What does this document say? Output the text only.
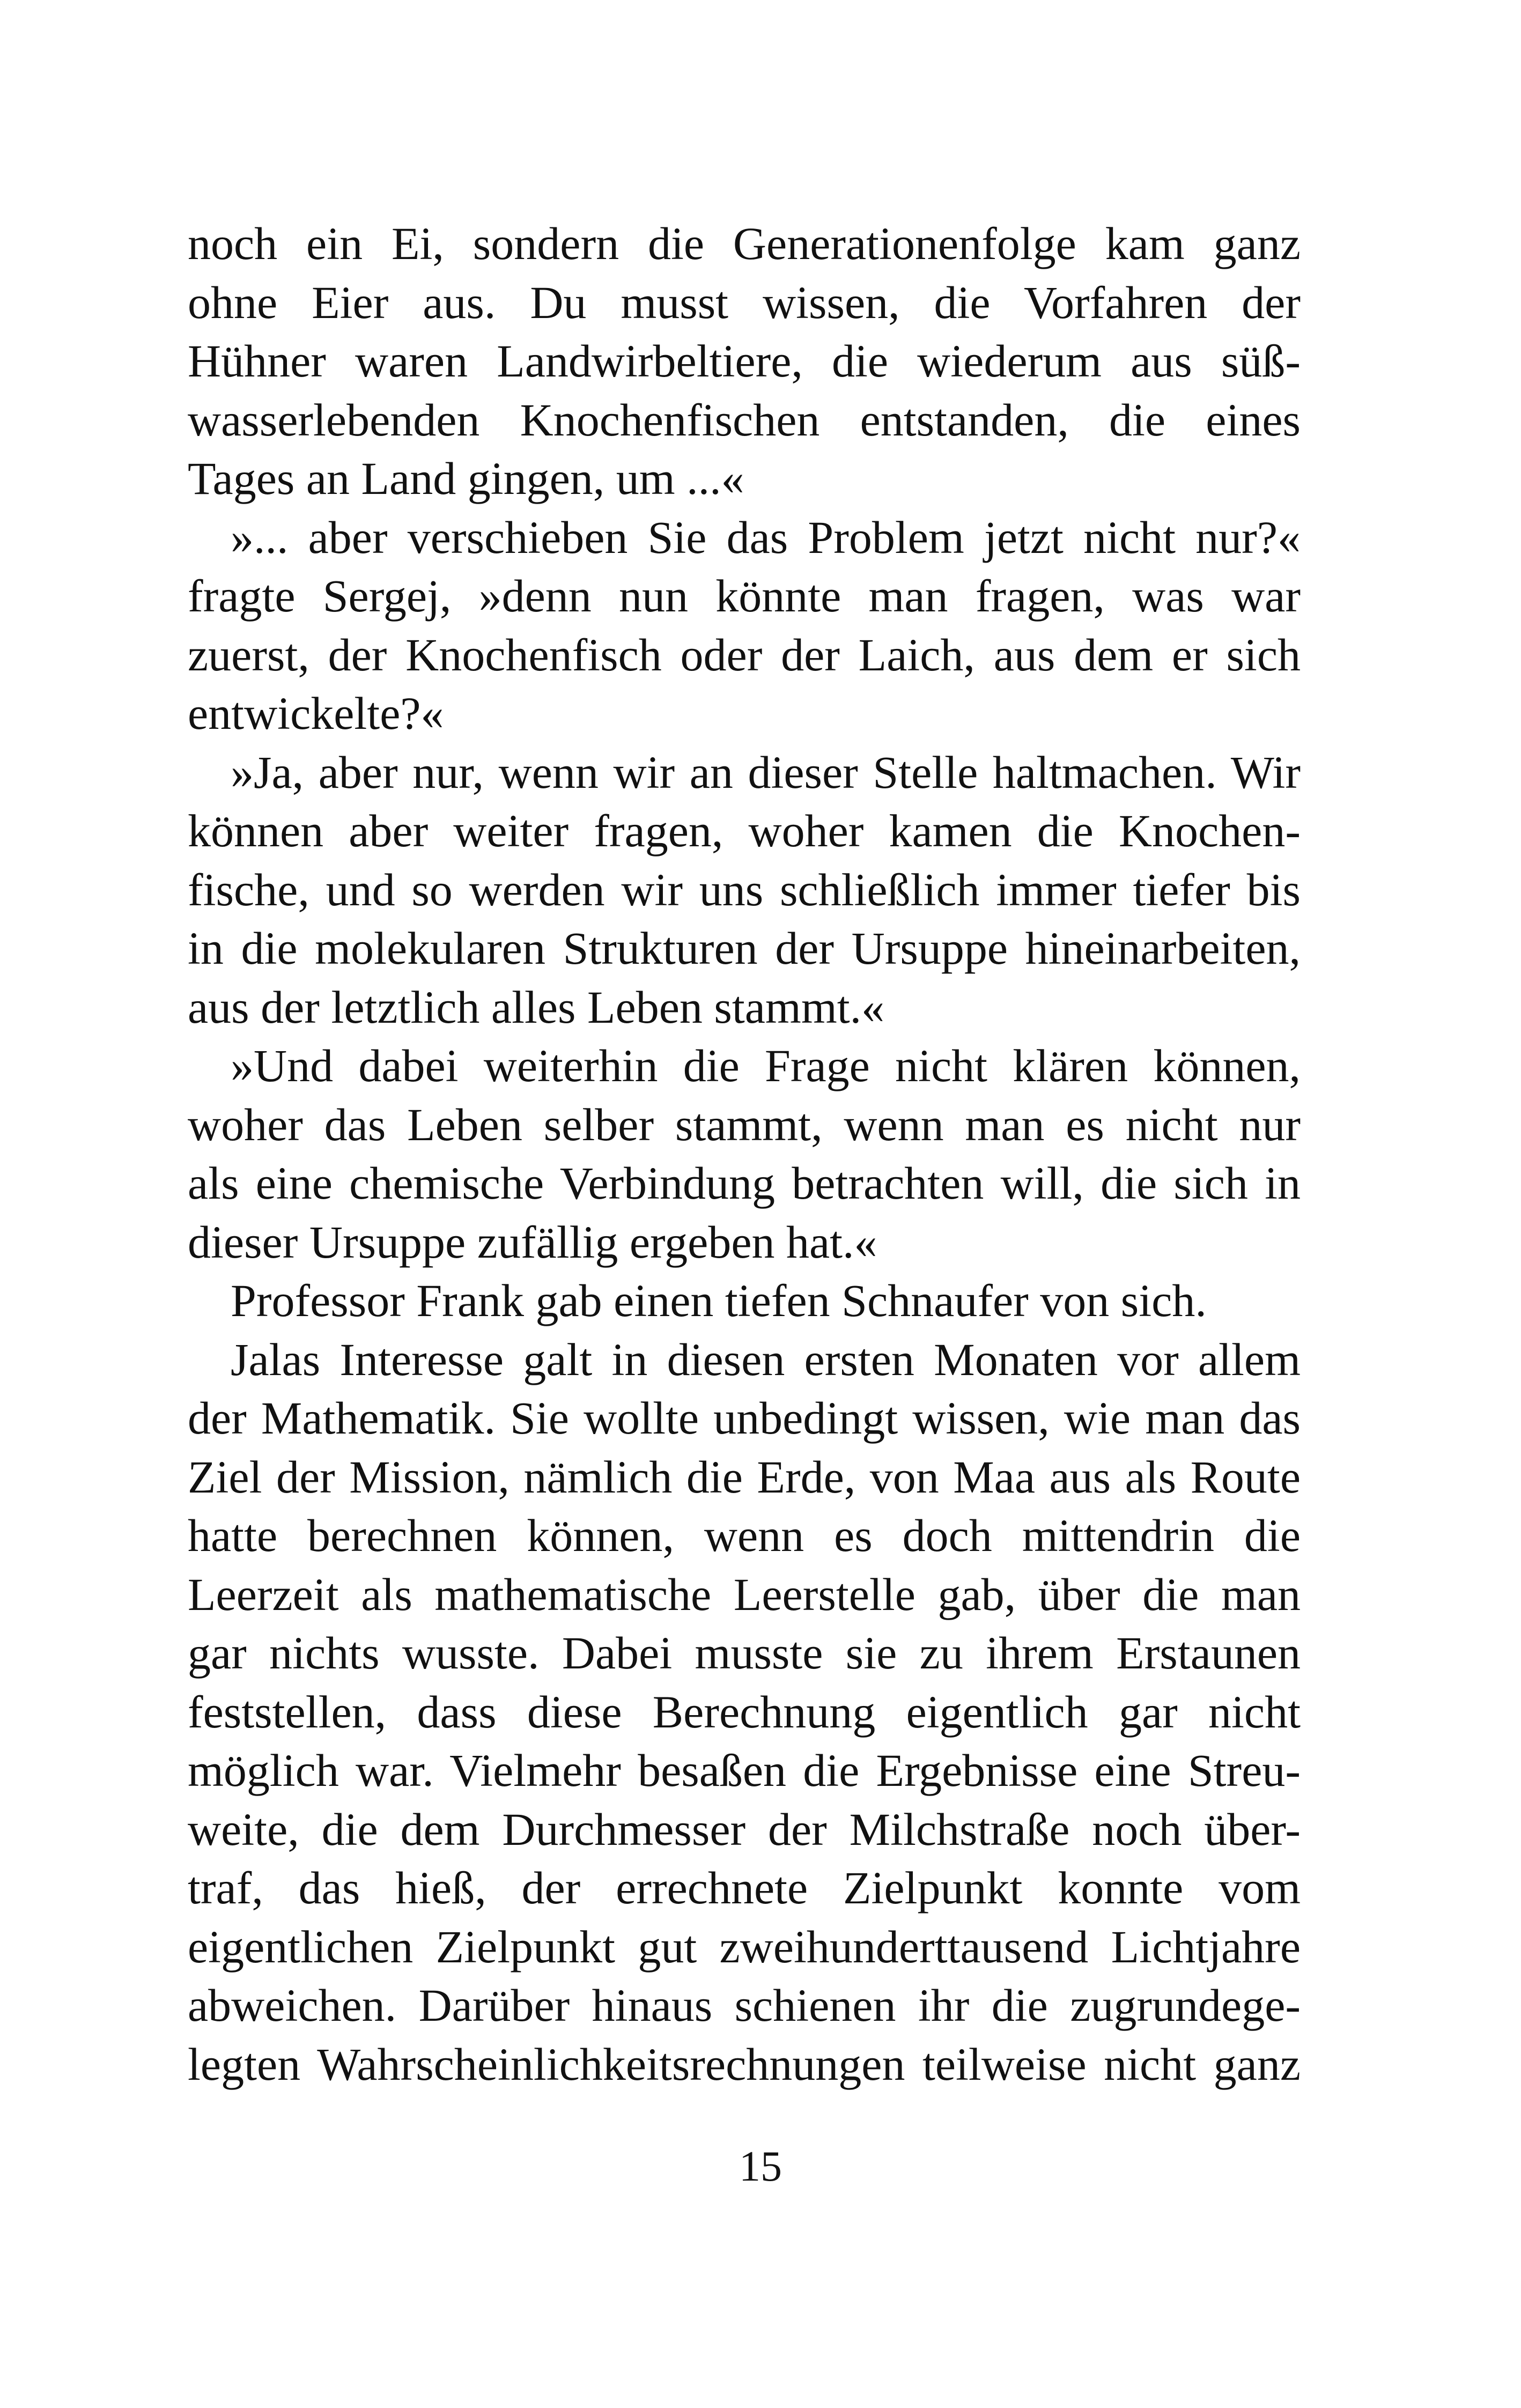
noch ein Ei, sondern die Generationenfolge kam ganz
ohne Eier aus. Du musst wissen, die Vorfahren der
Hühner waren Landwirbeltiere, die wiederum aus süß-
wasserlebenden Knochenfischen entstanden, die eines
Tages an Land gingen, um ...«
»... aber verschieben Sie das Problem jetzt nicht nur?«
fragte Sergej, »denn nun könnte man fragen, was war
zuerst, der Knochenfisch oder der Laich, aus dem er sich
entwickelte?«
»Ja, aber nur, wenn wir an dieser Stelle haltmachen. Wir
können aber weiter fragen, woher kamen die Knochen-
fische, und so werden wir uns schließlich immer tiefer bis
in die molekularen Strukturen der Ursuppe hineinarbeiten,
aus der letztlich alles Leben stammt.«
»Und dabei weiterhin die Frage nicht klären können,
woher das Leben selber stammt, wenn man es nicht nur
als eine chemische Verbindung betrachten will, die sich in
dieser Ursuppe zufällig ergeben hat.«
Professor Frank gab einen tiefen Schnaufer von sich.
Jalas Interesse galt in diesen ersten Monaten vor allem
der Mathematik. Sie wollte unbedingt wissen, wie man das
Ziel der Mission, nämlich die Erde, von Maa aus als Route
hatte berechnen können, wenn es doch mittendrin die
Leerzeit als mathematische Leerstelle gab, über die man
gar nichts wusste. Dabei musste sie zu ihrem Erstaunen
feststellen, dass diese Berechnung eigentlich gar nicht
möglich war. Vielmehr besaßen die Ergebnisse eine Streu-
weite, die dem Durchmesser der Milchstraße noch über-
traf, das hieß, der errechnete Zielpunkt konnte vom
eigentlichen Zielpunkt gut zweihunderttausend Lichtjahre
abweichen. Darüber hinaus schienen ihr die zugrundege-
legten Wahrscheinlichkeitsrechnungen teilweise nicht ganz
15
